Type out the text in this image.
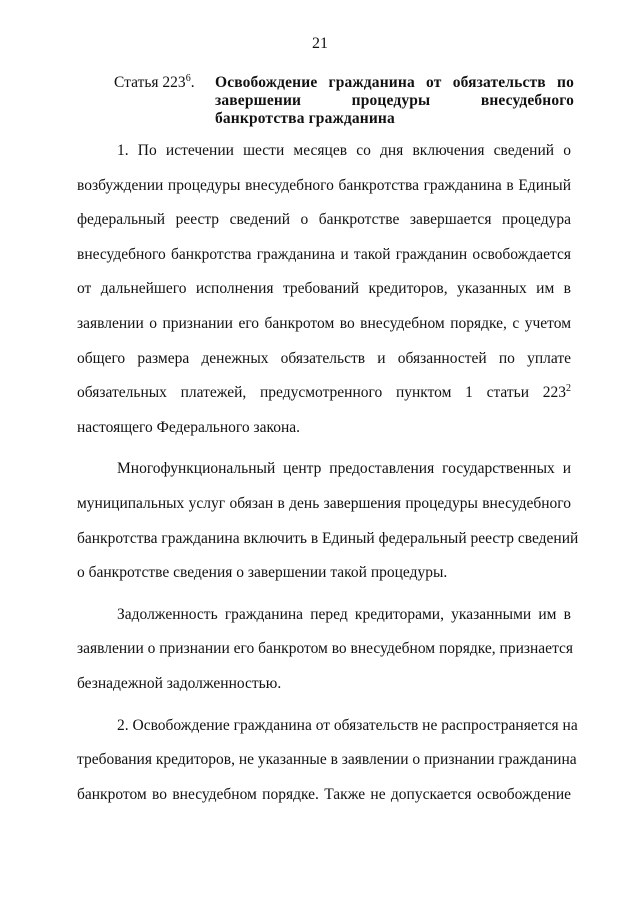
21
Статья $223^6$.	Освобождение гражданина от обязательств по завершении процедуры внесудебного банкротства гражданина

1. По истечении шести месяцев со дня включения сведений о
возбуждении процедуры внесудебного банкротства гражданина в Единый
федеральный реестр сведений о банкротстве завершается процедура
внесудебного банкротства гражданина и такой гражданин освобождается
от дальнейшего исполнения требований кредиторов, указанных им в
заявлении о признании его банкротом во внесудебном порядке, с учетом
общего размера денежных обязательств и обязанностей по уплате
обязательных платежей, предусмотренного пунктом 1 статьи $223^2$
настоящего Федерального закона.

Многофункциональный центр предоставления государственных и
муниципальных услуг обязан в день завершения процедуры внесудебного
банкротства гражданина включить в Единый федеральный реестр сведений
о банкротстве сведения о завершении такой процедуры.

Задолженность гражданина перед кредиторами, указанными им в
заявлении о признании его банкротом во внесудебном порядке, признается
безнадежной задолженностью.

2. Освобождение гражданина от обязательств не распространяется на
требования кредиторов, не указанные в заявлении о признании гражданина
банкротом во внесудебном порядке. Также не допускается освобождение
